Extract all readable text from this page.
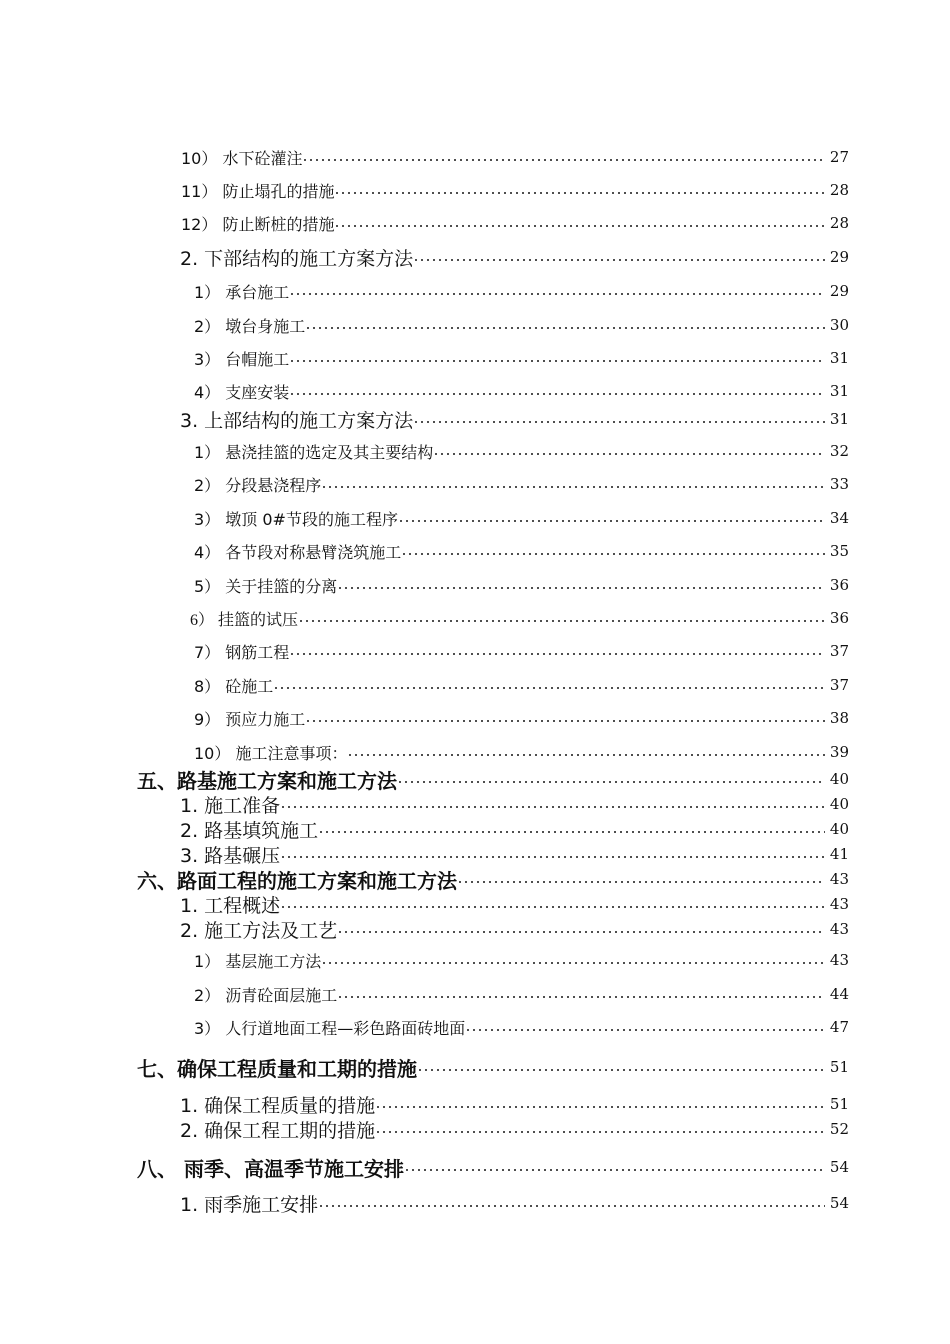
10） 水下砼灌注	27
11） 防止塌孔的措施	28
12） 防止断桩的措施	28
2. 下部结构的施工方案方法	29
1） 承台施工	29
2） 墩台身施工	30
3） 台帽施工	31
4） 支座安装	31
3. 上部结构的施工方案方法	31
1） 悬浇挂篮的选定及其主要结构	32
2） 分段悬浇程序	33
3） 墩顶 0#节段的施工程序	34
4） 各节段对称悬臂浇筑施工	35
5） 关于挂篮的分离	36
6） 挂篮的试压	36
7） 钢筋工程	37
8） 砼施工	37
9） 预应力施工	38
10） 施工注意事项：	39
五、路基施工方案和施工方法	40
1. 施工准备	40
2. 路基填筑施工	40
3. 路基碾压	41
六、路面工程的施工方案和施工方法	43
1. 工程概述	43
2. 施工方法及工艺	43
1） 基层施工方法	43
2） 沥青砼面层施工	44
3） 人行道地面工程—彩色路面砖地面	47
七、确保工程质量和工期的措施	51
1. 确保工程质量的措施	51
2. 确保工程工期的措施	52
八、 雨季、高温季节施工安排	54
1. 雨季施工安排	54
